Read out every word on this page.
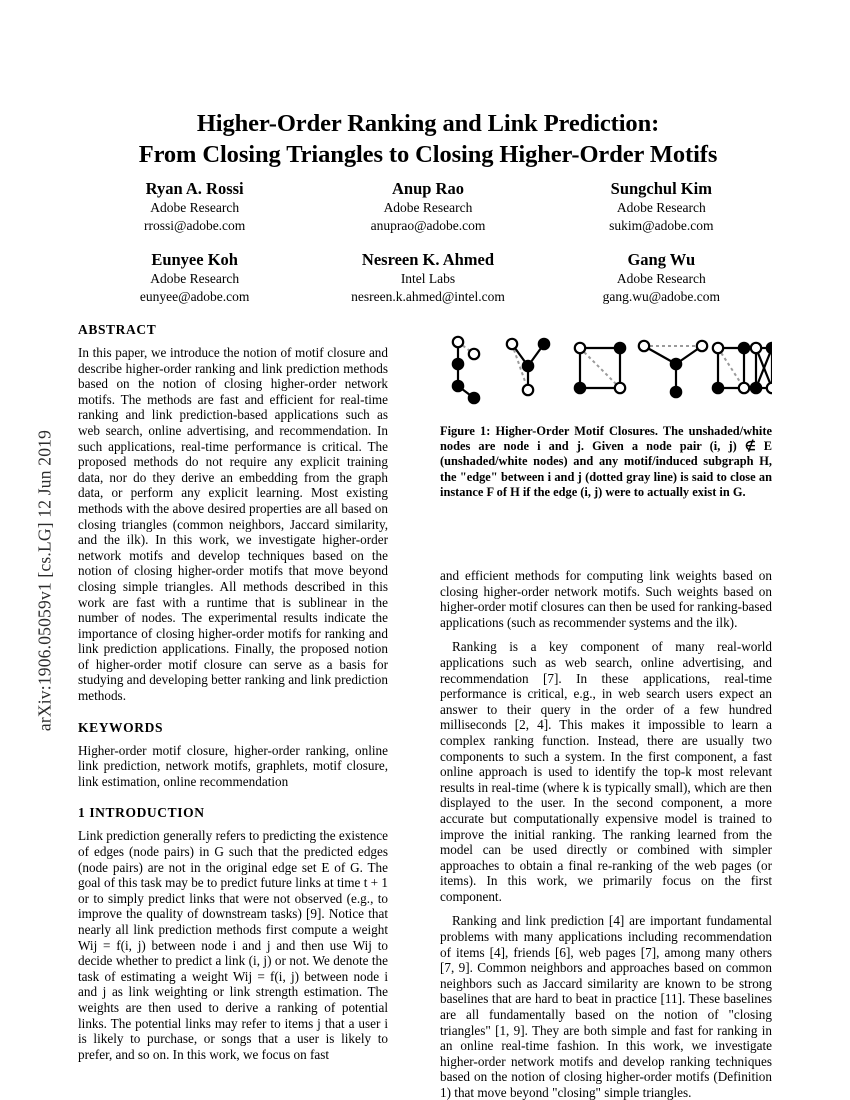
arXiv:1906.05059v1 [cs.LG] 12 Jun 2019
Higher-Order Ranking and Link Prediction:
From Closing Triangles to Closing Higher-Order Motifs
Ryan A. Rossi
Adobe Research
rrossi@adobe.com
Anup Rao
Adobe Research
anuprao@adobe.com
Sungchul Kim
Adobe Research
sukim@adobe.com
Eunyee Koh
Adobe Research
eunyee@adobe.com
Nesreen K. Ahmed
Intel Labs
nesreen.k.ahmed@intel.com
Gang Wu
Adobe Research
gang.wu@adobe.com
ABSTRACT

In this paper, we introduce the notion of motif closure and describe higher-order ranking and link prediction methods based on the notion of closing higher-order network motifs. The methods are fast and efficient for real-time ranking and link prediction-based applications such as web search, online advertising, and recommendation. In such applications, real-time performance is critical. The proposed methods do not require any explicit training data, nor do they derive an embedding from the graph data, or perform any explicit learning. Most existing methods with the above desired properties are all based on closing triangles (common neighbors, Jaccard similarity, and the ilk). In this work, we investigate higher-order network motifs and develop techniques based on the notion of closing higher-order motifs that move beyond closing simple triangles. All methods described in this work are fast with a runtime that is sublinear in the number of nodes. The experimental results indicate the importance of closing higher-order motifs for ranking and link prediction applications. Finally, the proposed notion of higher-order motif closure can serve as a basis for studying and developing better ranking and link prediction methods.

KEYWORDS

Higher-order motif closure, higher-order ranking, online link prediction, network motifs, graphlets, motif closure, link estimation, online recommendation

1 INTRODUCTION

Link prediction generally refers to predicting the existence of edges (node pairs) in G such that the predicted edges (node pairs) are not in the original edge set E of G. The goal of this task may be to predict future links at time t + 1 or to simply predict links that were not observed (e.g., to improve the quality of downstream tasks) [9]. Notice that nearly all link prediction methods first compute a weight Wij = f(i, j) between node i and j and then use Wij to decide whether to predict a link (i, j) or not. We denote the task of estimating a weight Wij = f(i, j) between node i and j as link weighting or link strength estimation. The weights are then used to derive a ranking of potential links. The potential links may refer to items j that a user i is likely to purchase, or songs that a user is likely to prefer, and so on. In this work, we focus on fast

Figure 1: Higher-Order Motif Closures. The unshaded/white nodes are node i and j. Given a node pair (i, j) ∉ E (unshaded/white nodes) and any motif/induced subgraph H, the "edge" between i and j (dotted gray line) is said to close an instance F of H if the edge (i, j) were to actually exist in G.

and efficient methods for computing link weights based on closing higher-order network motifs. Such weights based on higher-order motif closures can then be used for ranking-based applications (such as recommender systems and the ilk).

Ranking is a key component of many real-world applications such as web search, online advertising, and recommendation [7]. In these applications, real-time performance is critical, e.g., in web search users expect an answer to their query in the order of a few hundred milliseconds [2, 4]. This makes it impossible to learn a complex ranking function. Instead, there are usually two components to such a system. In the first component, a fast online approach is used to identify the top-k most relevant results in real-time (where k is typically small), which are then displayed to the user. In the second component, a more accurate but computationally expensive model is trained to improve the initial ranking. The ranking learned from the model can be used directly or combined with simpler approaches to obtain a final re-ranking of the web pages (or items). In this work, we primarily focus on the first component.

Ranking and link prediction [4] are important fundamental problems with many applications including recommendation of items [4], friends [6], web pages [7], among many others [7, 9]. Common neighbors and approaches based on common neighbors such as Jaccard similarity are known to be strong baselines that are hard to beat in practice [11]. These baselines are all fundamentally based on the notion of "closing triangles" [1, 9]. They are both simple and fast for ranking in an online real-time fashion. In this work, we investigate higher-order network motifs and develop ranking techniques based on the notion of closing higher-order motifs (Definition 1) that move beyond "closing" simple triangles.
